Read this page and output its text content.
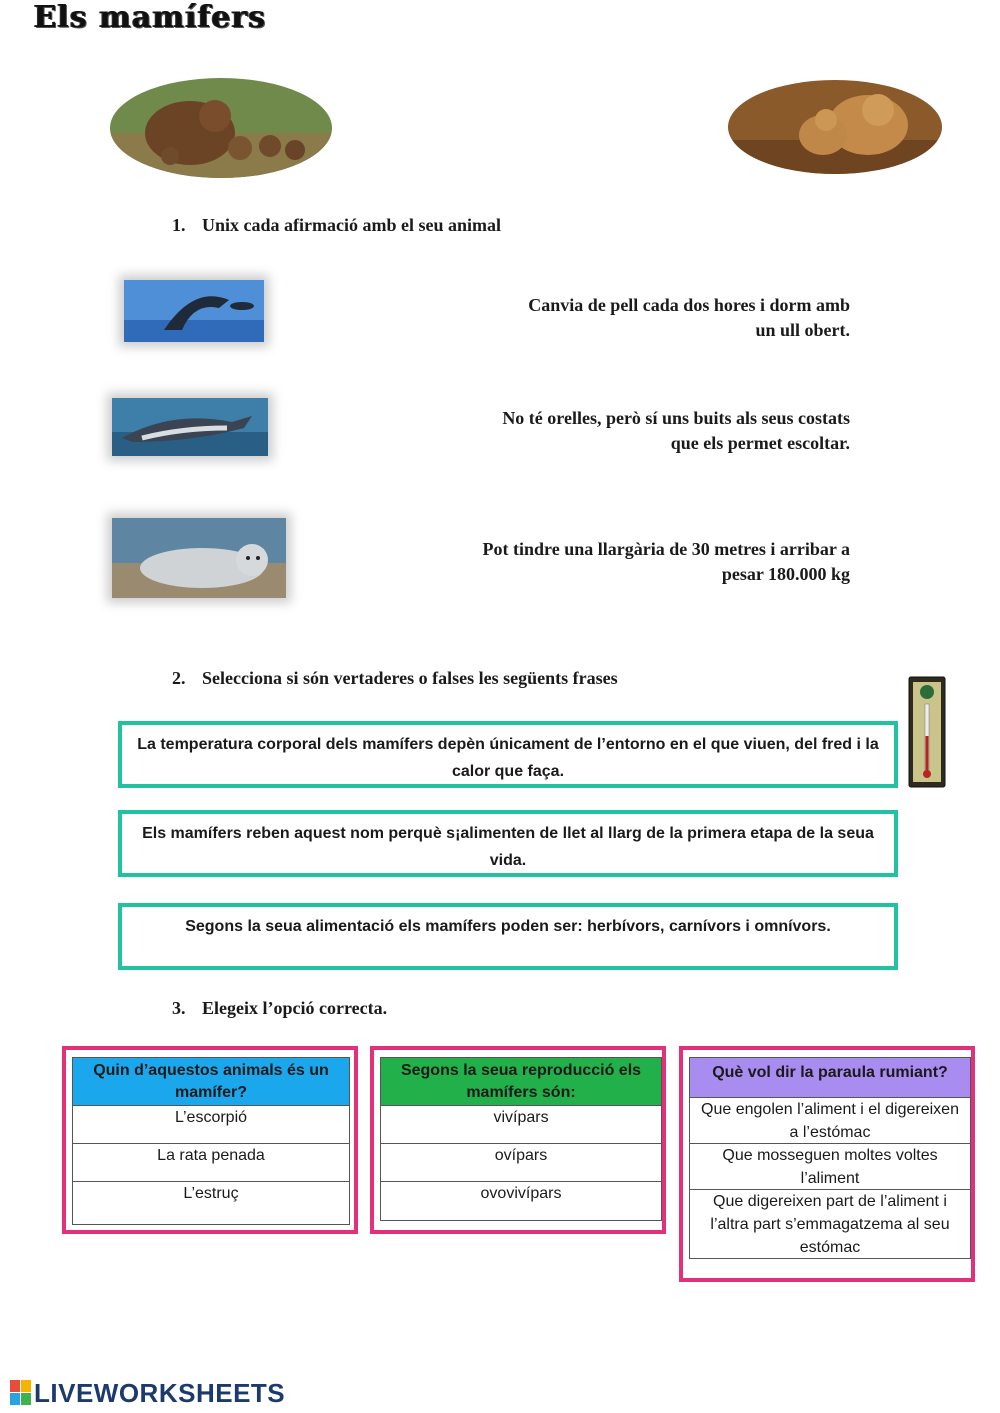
Els mamífers
1. Unix cada afirmació amb el seu animal
Canvia de pell cada dos hores i dorm amb
un ull obert.
No té orelles, però sí uns buits als seus costats
que els permet escoltar.
Pot tindre una llargària de 30 metres i arribar a
pesar 180.000 kg
2. Selecciona si són vertaderes o falses les següents frases
La temperatura corporal dels mamífers depèn únicament de l’entorno en el que viuen, del fred i la calor que faça.
Els mamífers reben aquest nom perquè s¡alimenten de llet al llarg de la primera etapa de la seua vida.
Segons la seua alimentació els mamífers poden ser: herbívors, carnívors i omnívors.
3. Elegeix l’opció correcta.
Quin d’aquestos animals és un mamífer?
L’escorpió
La rata penada
L’estruç
Segons la seua reproducció els mamífers són:
vivípars
ovípars
ovovivípars
Què vol dir la paraula rumiant?
Que engolen l’aliment i el digereixen a l’estómac
Que mosseguen moltes voltes l’aliment
Que digereixen part de l’aliment i l’altra part s’emmagatzema al seu estómac
LIVEWORKSHEETS
